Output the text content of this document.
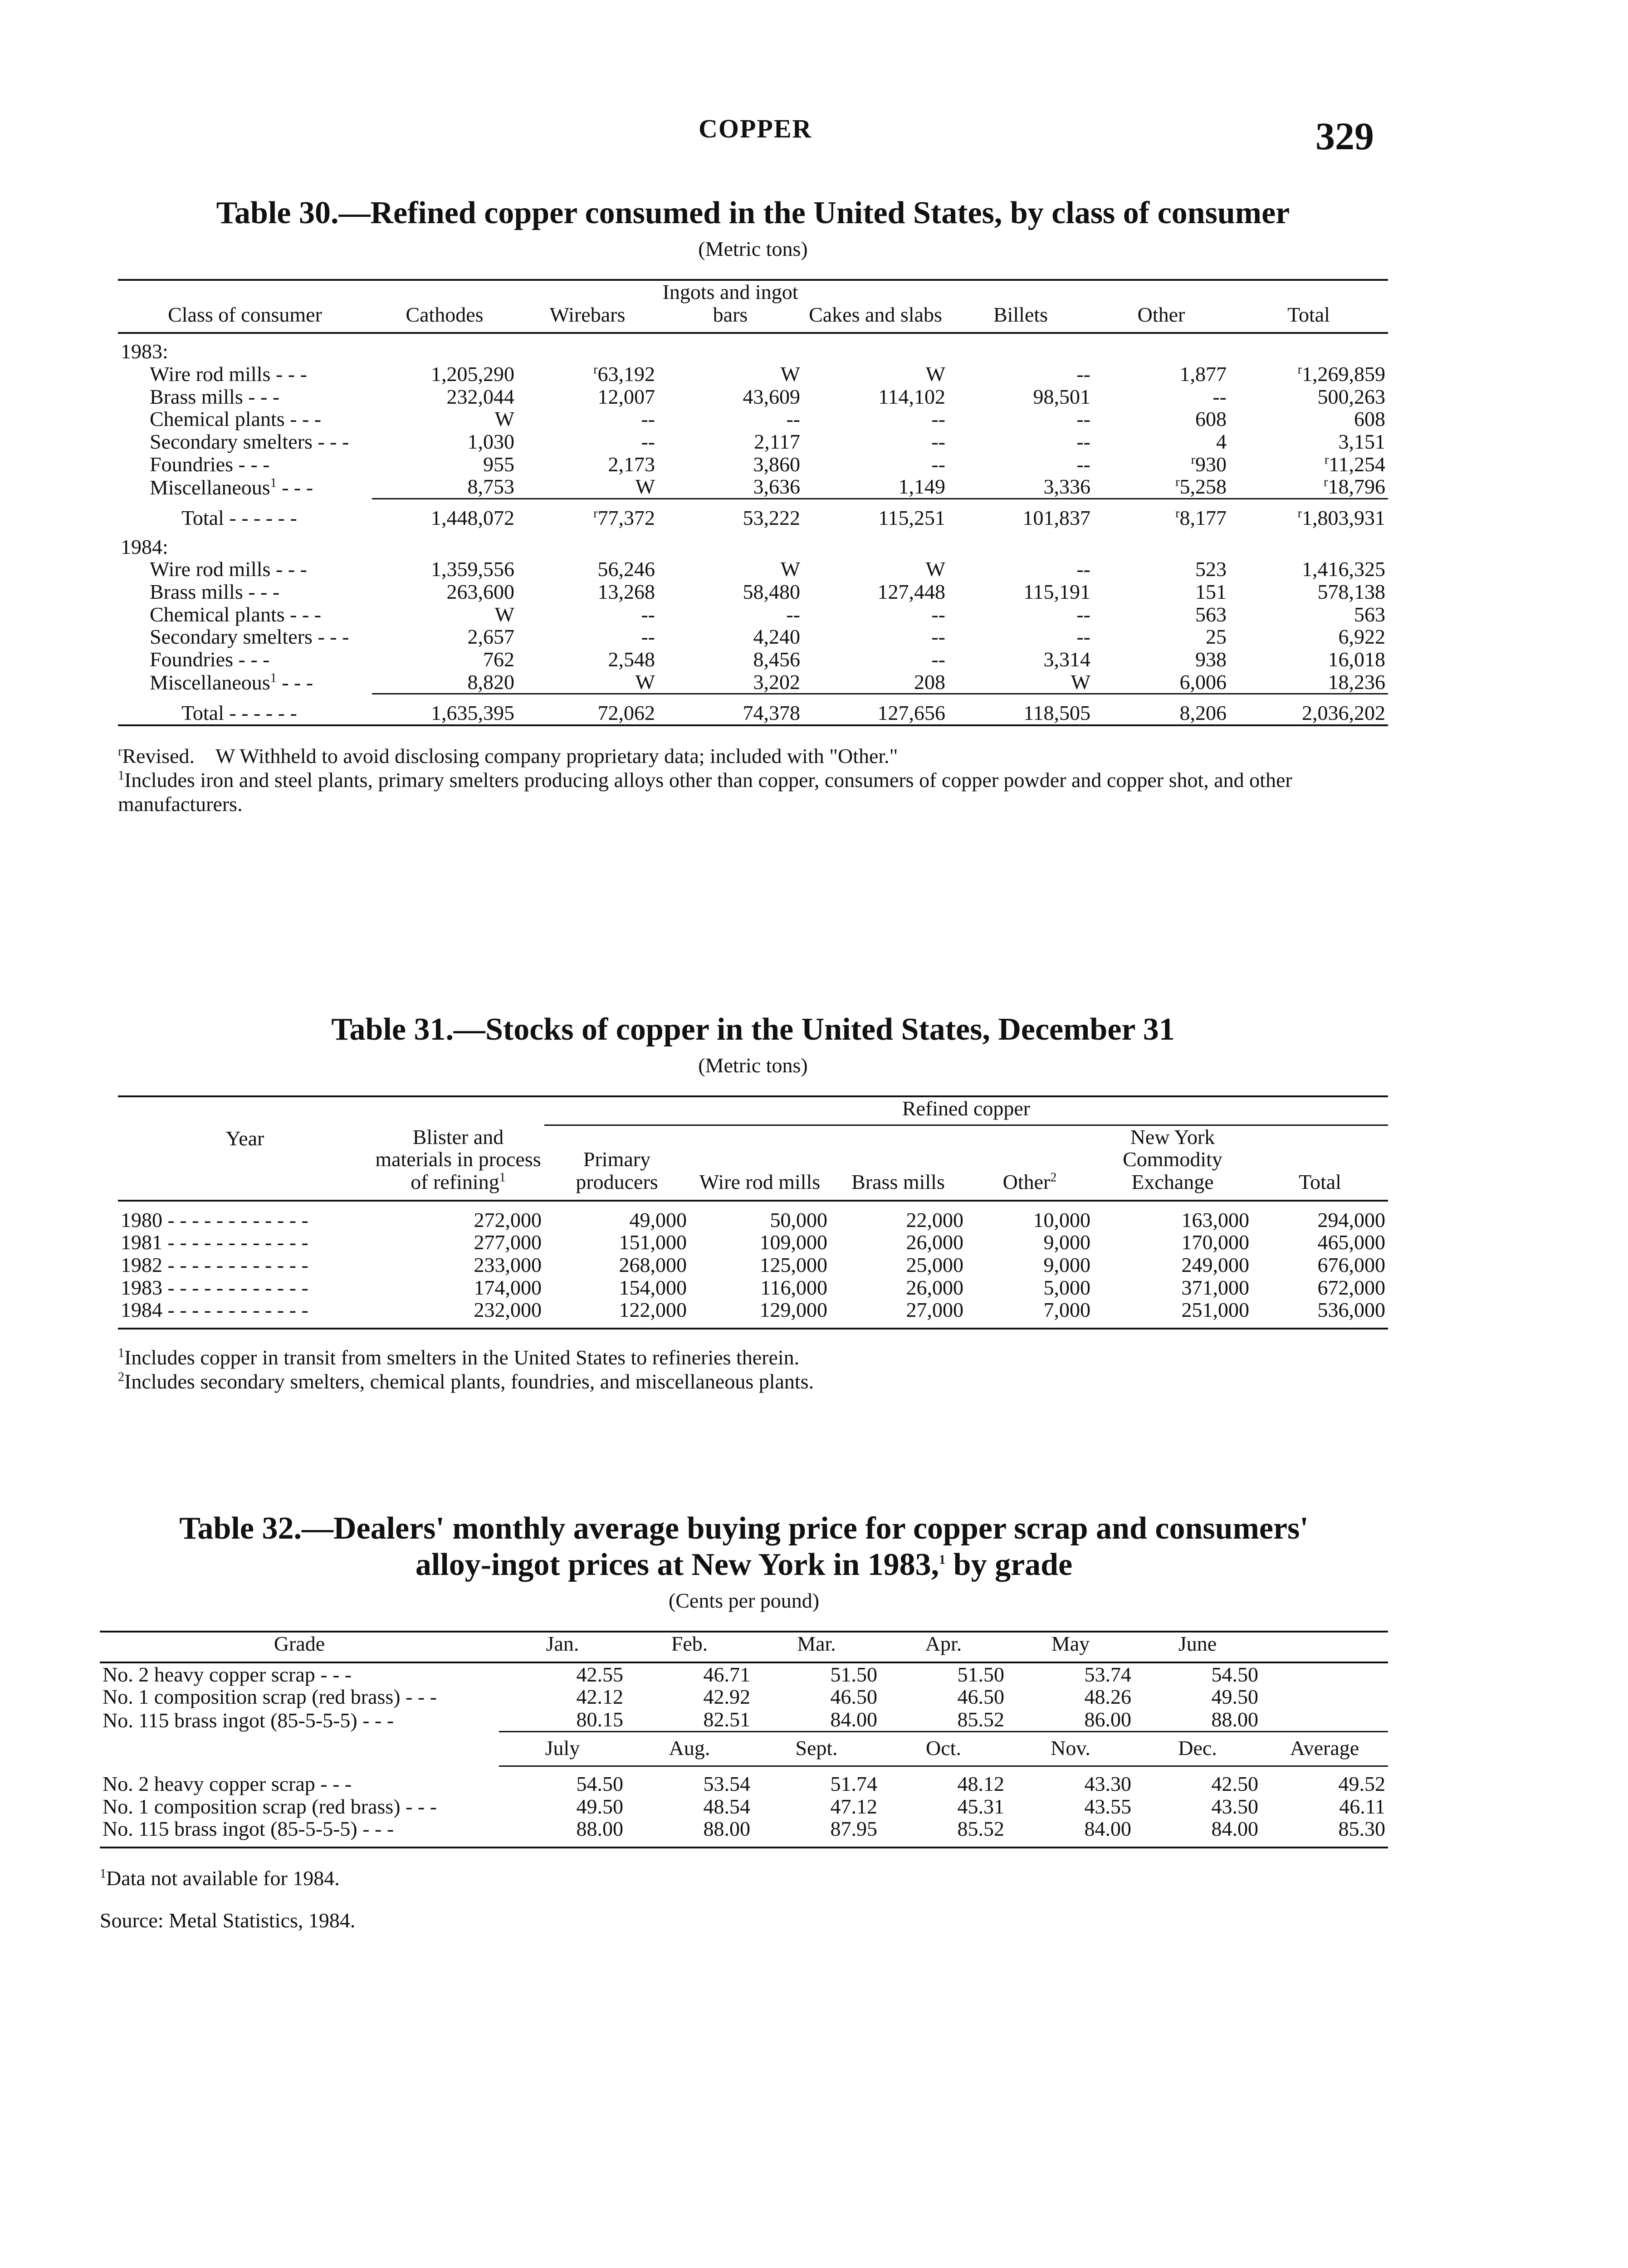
COPPER	329
Table 30.—Refined copper consumed in the United States, by class of consumer
(Metric tons)
Class of consumer	Cathodes	Wirebars	Ingots and ingot bars	Cakes and slabs	Billets	Other	Total
1983:							
Wire rod mills - - -	1,205,290	$^r$63,192	W	W	--	1,877	$^r$1,269,859
Brass mills - - -	232,044	12,007	43,609	114,102	98,501	--	500,263
Chemical plants - - -	W	--	--	--	--	608	608
Secondary smelters - - -	1,030	--	2,117	--	--	4	3,151
Foundries - - -	955	2,173	3,860	--	--	$^r$930	$^r$11,254
Miscellaneous$^1$ - - -	8,753	W	3,636	1,149	3,336	$^r$5,258	$^r$18,796
Total - - - - - -	1,448,072	$^r$77,372	53,222	115,251	101,837	$^r$8,177	$^r$1,803,931
1984:							
Wire rod mills - - -	1,359,556	56,246	W	W	--	523	1,416,325
Brass mills - - -	263,600	13,268	58,480	127,448	115,191	151	578,138
Chemical plants - - -	W	--	--	--	--	563	563
Secondary smelters - - -	2,657	--	4,240	--	--	25	6,922
Foundries - - -	762	2,548	8,456	--	3,314	938	16,018
Miscellaneous$^1$ - - -	8,820	W	3,202	208	W	6,006	18,236
Total - - - - - -	1,635,395	72,062	74,378	127,656	118,505	8,206	2,036,202

$^r$Revised. W Withheld to avoid disclosing company proprietary data; included with "Other."
$^1$Includes iron and steel plants, primary smelters producing alloys other than copper, consumers of copper powder and copper shot, and other manufacturers.
Table 31.—Stocks of copper in the United States, December 31
(Metric tons)
Year	Blister and materials in process of refining$^1$	Refined copper					
		Primary producers	Wire rod mills	Brass mills	Other$^2$	New York Commodity Exchange	Total
1980 - - - - - - - - - - - -	272,000	49,000	50,000	22,000	10,000	163,000	294,000
1981 - - - - - - - - - - - -	277,000	151,000	109,000	26,000	9,000	170,000	465,000
1982 - - - - - - - - - - - -	233,000	268,000	125,000	25,000	9,000	249,000	676,000
1983 - - - - - - - - - - - -	174,000	154,000	116,000	26,000	5,000	371,000	672,000
1984 - - - - - - - - - - - -	232,000	122,000	129,000	27,000	7,000	251,000	536,000

$^1$Includes copper in transit from smelters in the United States to refineries therein.
$^2$Includes secondary smelters, chemical plants, foundries, and miscellaneous plants.
Table 32.—Dealers' monthly average buying price for copper scrap and consumers'
alloy-ingot prices at New York in 1983,$^1$ by grade
(Cents per pound)
Grade	Jan.	Feb.	Mar.	Apr.	May	June	
No. 2 heavy copper scrap - - -	42.55	46.71	51.50	51.50	53.74	54.50	
No. 1 composition scrap (red brass) - - -	42.12	42.92	46.50	46.50	48.26	49.50	
No. 115 brass ingot (85-5-5-5) - - -	80.15	82.51	84.00	85.52	86.00	88.00	
	July	Aug.	Sept.	Oct.	Nov.	Dec.	Average
No. 2 heavy copper scrap - - -	54.50	53.54	51.74	48.12	43.30	42.50	49.52
No. 1 composition scrap (red brass) - - -	49.50	48.54	47.12	45.31	43.55	43.50	46.11
No. 115 brass ingot (85-5-5-5) - - -	88.00	88.00	87.95	85.52	84.00	84.00	85.30

$^1$Data not available for 1984.
Source: Metal Statistics, 1984.
